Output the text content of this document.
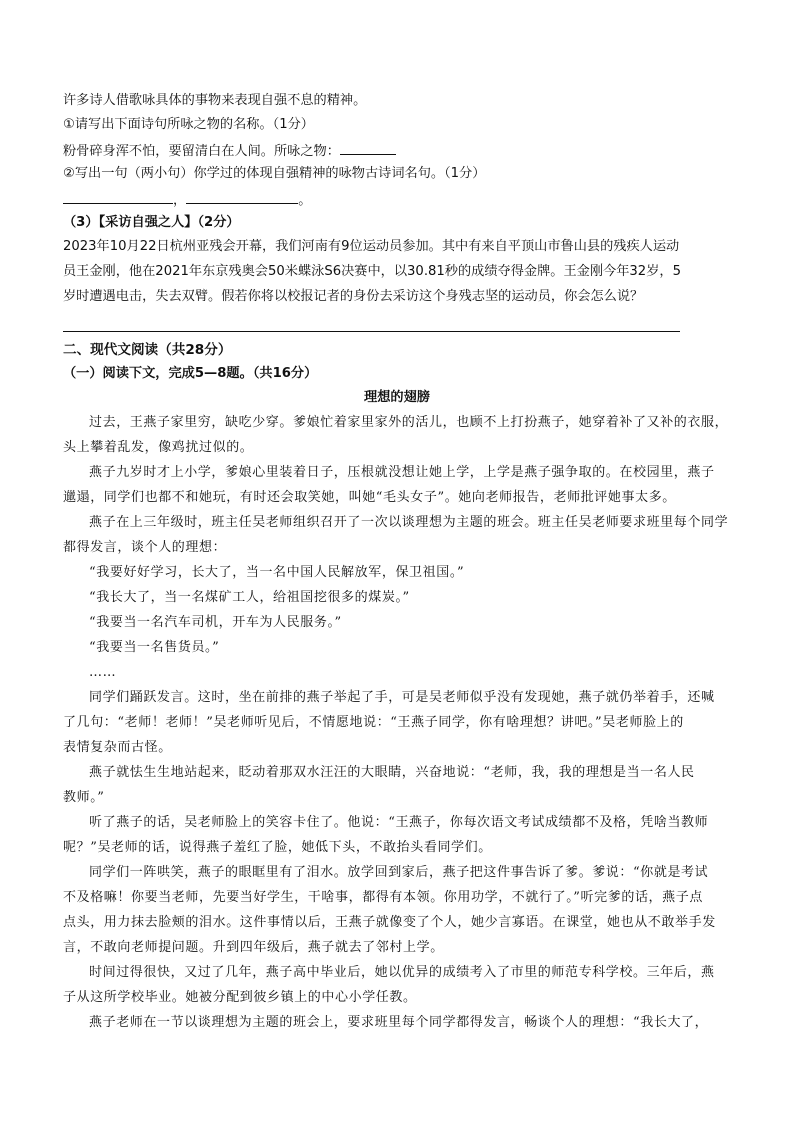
许多诗人借歌咏具体的事物来表现自强不息的精神。
①请写出下面诗句所咏之物的名称。（1分）
粉骨碎身浑不怕，要留清白在人间。所咏之物：
②写出一句（两小句）你学过的体现自强精神的咏物古诗词名句。（1分）
，	。
（3）【采访自强之人】（2分）
2023年10月22日杭州亚残会开幕，我们河南有9位运动员参加。其中有来自平顶山市鲁山县的残疾人运动
员王金刚，他在2021年东京残奥会50米蝶泳S6决赛中，以30.81秒的成绩夺得金牌。王金刚今年32岁，5
岁时遭遇电击，失去双臂。假若你将以校报记者的身份去采访这个身残志坚的运动员，你会怎么说？
二、现代文阅读（共28分）
（一）阅读下文，完成5—8题。（共16分）
理想的翅膀
过去，王燕子家里穷，缺吃少穿。爹娘忙着家里家外的活儿，也顾不上打扮燕子，她穿着补了又补的衣服，
头上攀着乱发，像鸡扰过似的。
燕子九岁时才上小学，爹娘心里装着日子，压根就没想让她上学，上学是燕子强争取的。在校园里，燕子
邋遢，同学们也都不和她玩，有时还会取笑她，叫她“毛头女子”。她向老师报告，老师批评她事太多。
燕子在上三年级时，班主任吴老师组织召开了一次以谈理想为主题的班会。班主任吴老师要求班里每个同学
都得发言，谈个人的理想：
“我要好好学习，长大了，当一名中国人民解放军，保卫祖国。”
“我长大了，当一名煤矿工人，给祖国挖很多的煤炭。”
“我要当一名汽车司机，开车为人民服务。”
“我要当一名售货员。”
……
同学们踊跃发言。这时，坐在前排的燕子举起了手，可是吴老师似乎没有发现她，燕子就仍举着手，还喊
了几句：“老师！老师！”吴老师听见后，不情愿地说：“王燕子同学，你有啥理想？讲吧。”吴老师脸上的
表情复杂而古怪。
燕子就怯生生地站起来，眨动着那双水汪汪的大眼睛，兴奋地说：“老师，我，我的理想是当一名人民
教师。”
听了燕子的话，吴老师脸上的笑容卡住了。他说：“王燕子，你每次语文考试成绩都不及格，凭啥当教师
呢？”吴老师的话，说得燕子羞红了脸，她低下头，不敢抬头看同学们。
同学们一阵哄笑，燕子的眼眶里有了泪水。放学回到家后，燕子把这件事告诉了爹。爹说：“你就是考试
不及格嘛！你要当老师，先要当好学生，干啥事，都得有本领。你用功学，不就行了。”听完爹的话，燕子点
点头，用力抹去脸颊的泪水。这件事情以后，王燕子就像变了个人，她少言寡语。在课堂，她也从不敢举手发
言，不敢向老师提问题。升到四年级后，燕子就去了邻村上学。
时间过得很快，又过了几年，燕子高中毕业后，她以优异的成绩考入了市里的师范专科学校。三年后，燕
子从这所学校毕业。她被分配到彼乡镇上的中心小学任教。
燕子老师在一节以谈理想为主题的班会上，要求班里每个同学都得发言，畅谈个人的理想：“我长大了，
